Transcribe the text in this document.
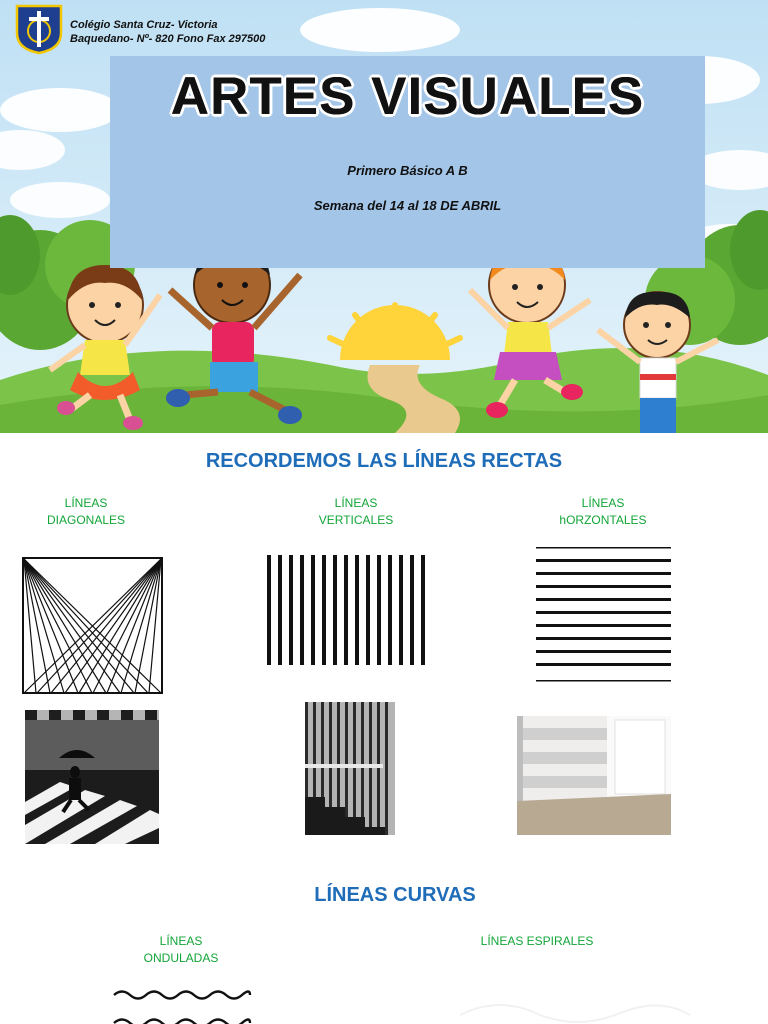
Colégio Santa Cruz- Victoria
Baquedano- Nº- 820 Fono Fax 297500
ARTES VISUALES
Primero Básico A B
Semana del 14 al 18 DE ABRIL
RECORDEMOS LAS LÍNEAS RECTAS
LÍNEAS
DIAGONALES
LÍNEAS
VERTICALES
LÍNEAS
hORZONTALES
LÍNEAS CURVAS
LÍNEAS
ONDULADAS
LÍNEAS ESPIRALES
